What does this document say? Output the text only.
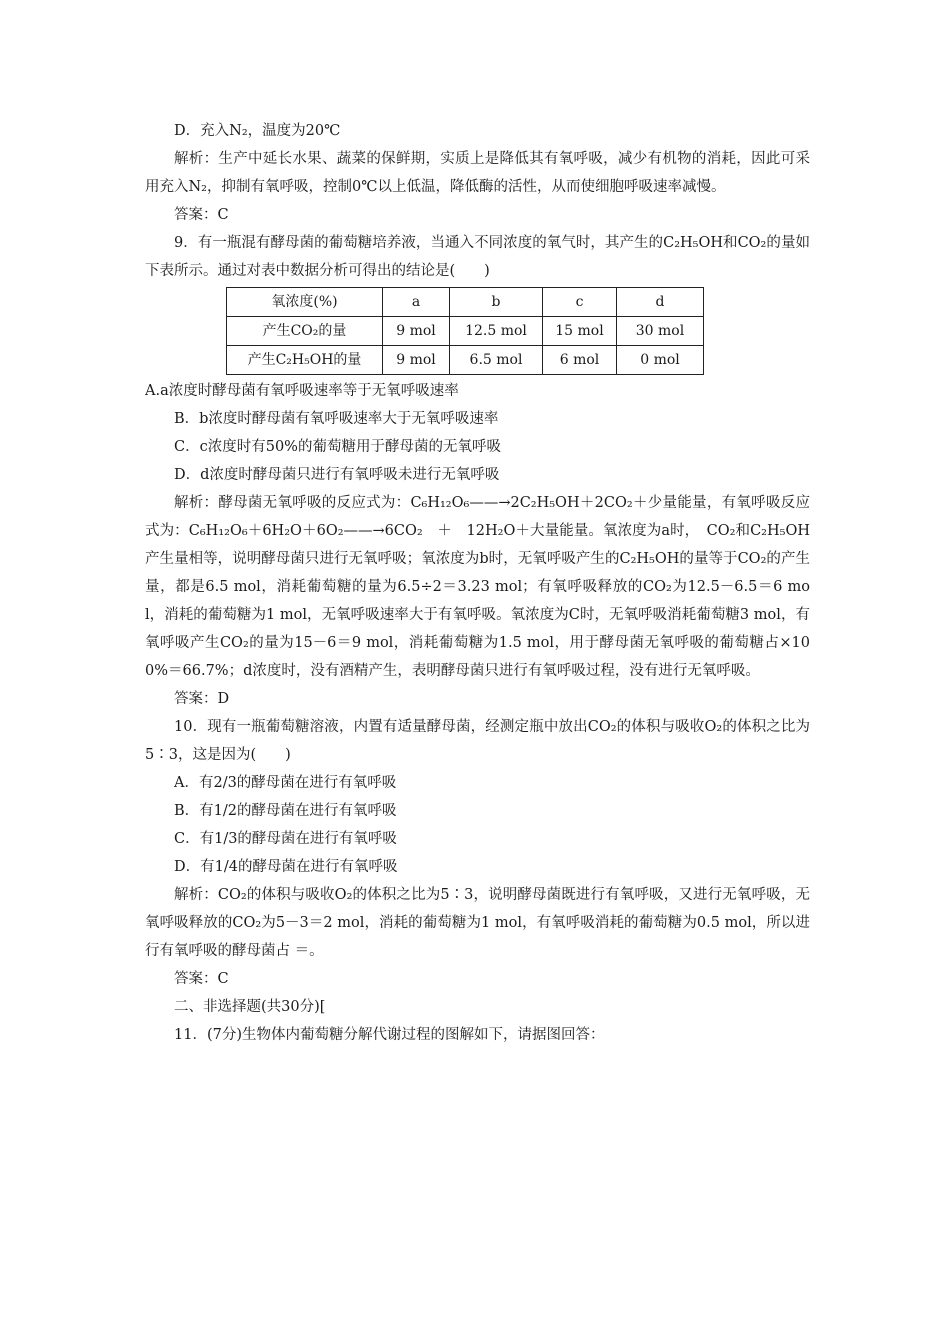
D．充入N₂，温度为20℃

解析：生产中延长水果、蔬菜的保鲜期，实质上是降低其有氧呼吸，减少有机物的消耗，因此可采用充入N₂，抑制有氧呼吸，控制0℃以上低温，降低酶的活性，从而使细胞呼吸速率减慢。

答案：C

9．有一瓶混有酵母菌的葡萄糖培养液，当通入不同浓度的氧气时，其产生的C₂H₅OH和CO₂的量如下表所示。通过对表中数据分析可得出的结论是(　　)

氧浓度(%)	a	b	c	d
产生CO₂的量	9 mol	12.5 mol	15 mol	30 mol
产生C₂H₅OH的量	9 mol	6.5 mol	6 mol	0 mol

A.a浓度时酵母菌有氧呼吸速率等于无氧呼吸速率

B．b浓度时酵母菌有氧呼吸速率大于无氧呼吸速率

C．c浓度时有50%的葡萄糖用于酵母菌的无氧呼吸

D．d浓度时酵母菌只进行有氧呼吸未进行无氧呼吸

解析：酵母菌无氧呼吸的反应式为：C₆H₁₂O₆——→2C₂H₅OH＋2CO₂＋少量能量，有氧呼吸反应式为：C₆H₁₂O₆＋6H₂O＋6O₂——→6CO₂　＋　12H₂O＋大量能量。氧浓度为a时，　CO₂和C₂H₅OH产生量相等，说明酵母菌只进行无氧呼吸；氧浓度为b时，无氧呼吸产生的C₂H₅OH的量等于CO₂的产生量，都是6.5 mol，消耗葡萄糖的量为6.5÷2＝3.23 mol；有氧呼吸释放的CO₂为12.5－6.5＝6 mol，消耗的葡萄糖为1 mol，无氧呼吸速率大于有氧呼吸。氧浓度为C时，无氧呼吸消耗葡萄糖3 mol，有氧呼吸产生CO₂的量为15－6＝9 mol，消耗葡萄糖为1.5 mol，用于酵母菌无氧呼吸的葡萄糖占×100%＝66.7%；d浓度时，没有酒精产生，表明酵母菌只进行有氧呼吸过程，没有进行无氧呼吸。

答案：D

10．现有一瓶葡萄糖溶液，内置有适量酵母菌，经测定瓶中放出CO₂的体积与吸收O₂的体积之比为5∶3，这是因为(　　)

A．有2/3的酵母菌在进行有氧呼吸

B．有1/2的酵母菌在进行有氧呼吸

C．有1/3的酵母菌在进行有氧呼吸

D．有1/4的酵母菌在进行有氧呼吸

解析：CO₂的体积与吸收O₂的体积之比为5∶3，说明酵母菌既进行有氧呼吸，又进行无氧呼吸，无氧呼吸释放的CO₂为5－3＝2 mol，消耗的葡萄糖为1 mol，有氧呼吸消耗的葡萄糖为0.5 mol，所以进行有氧呼吸的酵母菌占 ＝。

答案：C

二、非选择题(共30分)[

11．(7分)生物体内葡萄糖分解代谢过程的图解如下，请据图回答：
